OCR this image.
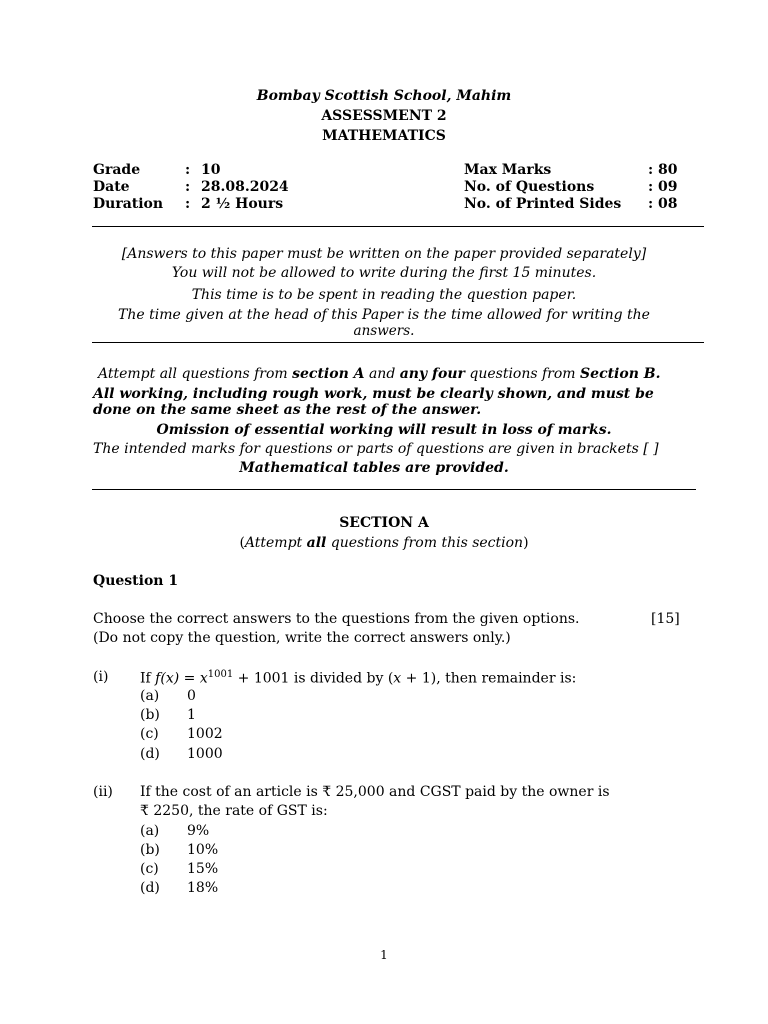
Bombay Scottish School, Mahim
ASSESSMENT 2
MATHEMATICS
Grade	: 10
Date	: 28.08.2024
Duration : 2 ½ Hours
Max Marks	: 80
No. of Questions	: 09
No. of Printed Sides : 08
[Answers to this paper must be written on the paper provided separately]
You will not be allowed to write during the first 15 minutes.
This time is to be spent in reading the question paper.
The time given at the head of this Paper is the time allowed for writing the
answers.
Attempt all questions from section A and any four questions from Section B.
All working, including rough work, must be clearly shown, and must be
done on the same sheet as the rest of the answer.
Omission of essential working will result in loss of marks.
The intended marks for questions or parts of questions are given in brackets [ ]
Mathematical tables are provided.
SECTION A
(Attempt all questions from this section)
Question 1
Choose the correct answers to the questions from the given options.	[15]
(Do not copy the question, write the correct answers only.)
(i) If $f(x) = x^{1001} + 1001$ is divided by (x + 1), then remainder is:
(a) 0
(b) 1
(c) 1002
(d) 1000
(ii) If the cost of an article is ₹ 25,000 and CGST paid by the owner is
₹ 2250, the rate of GST is:
(a) 9%
(b) 10%
(c) 15%
(d) 18%
1
